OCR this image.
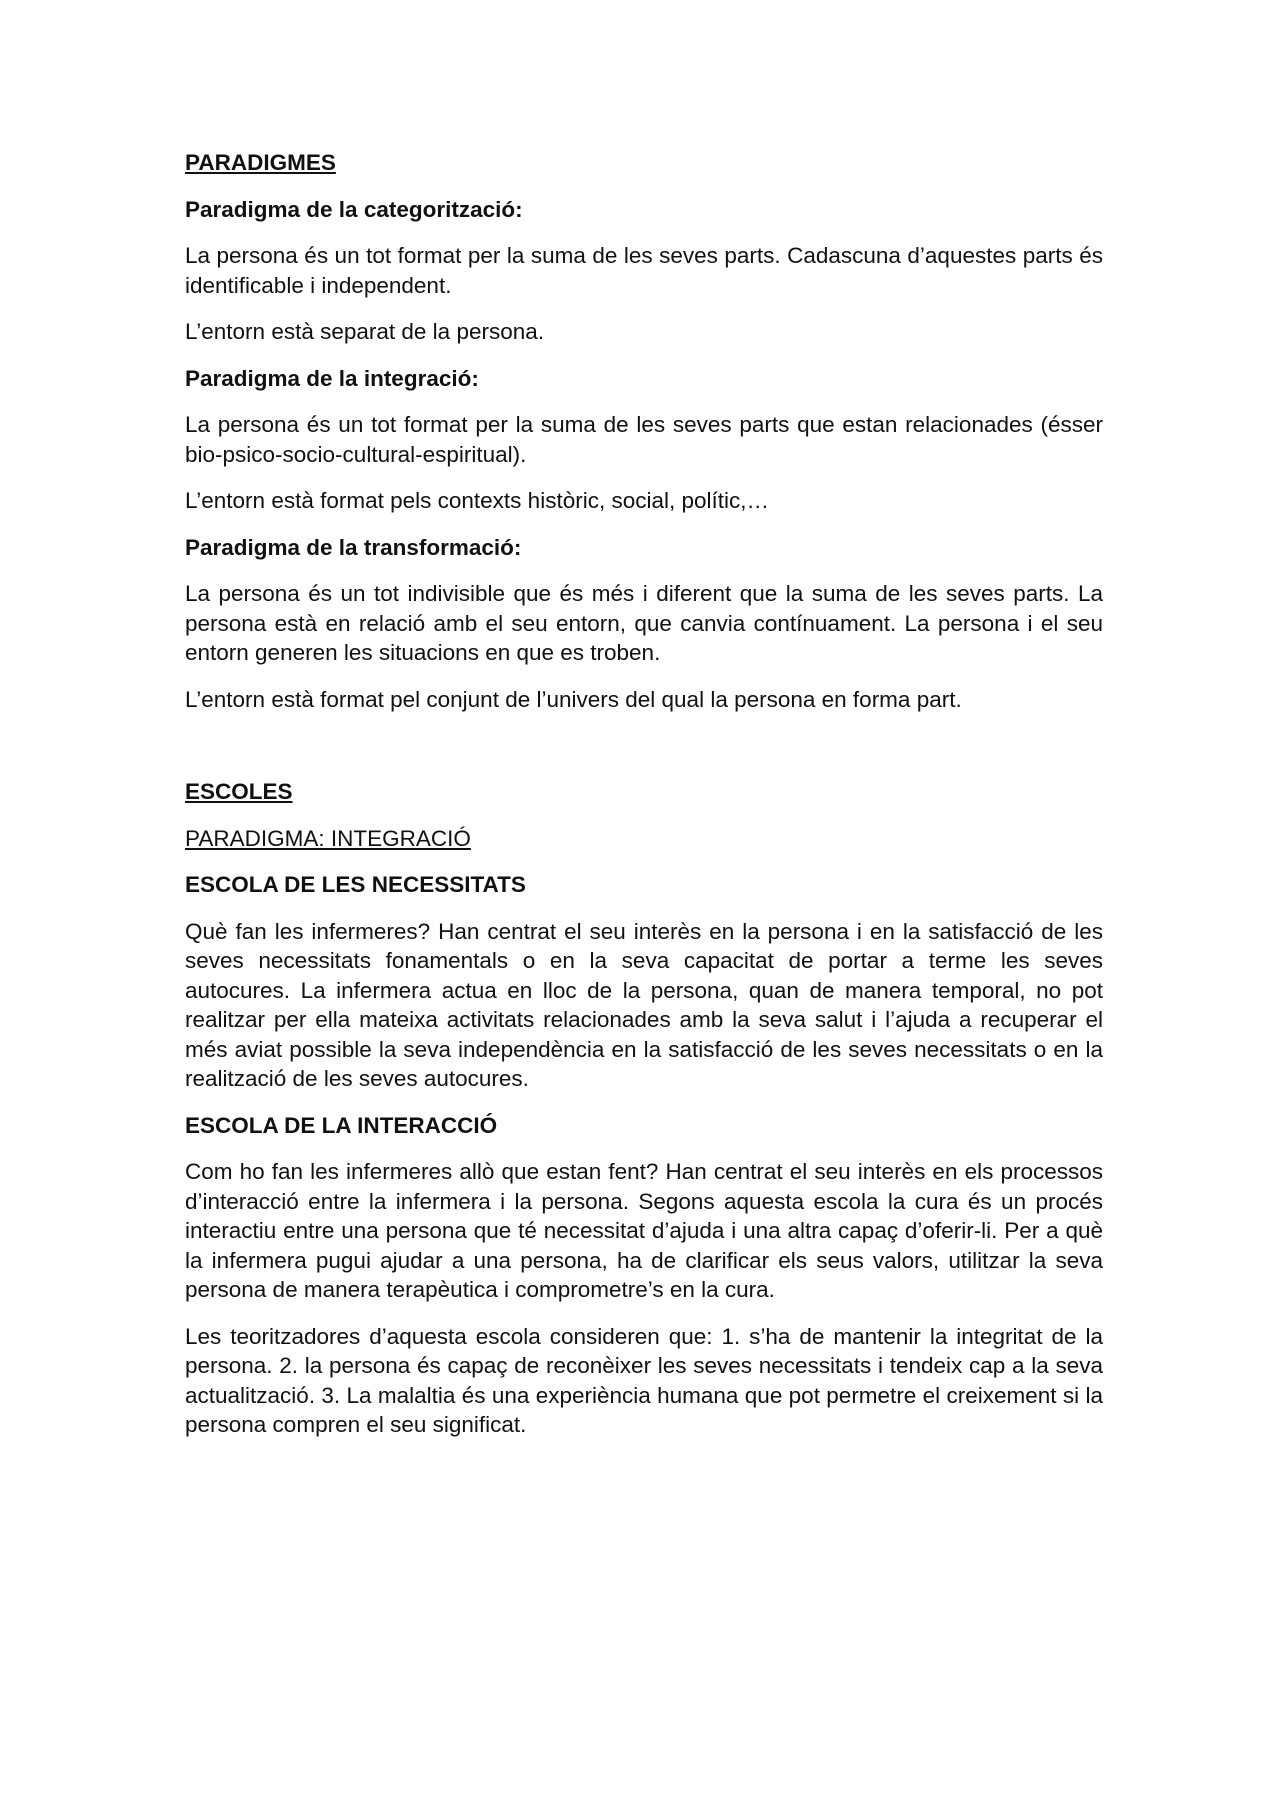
PARADIGMES
Paradigma de la categorització:

La persona és un tot format per la suma de les seves parts. Cadascuna d’aquestes parts és identificable i independent.

L’entorn està separat de la persona.

Paradigma de la integració:

La persona és un tot format per la suma de les seves parts que estan relacionades (ésser bio-psico-socio-cultural-espiritual).

L’entorn està format pels contexts històric, social, polític,…

Paradigma de la transformació:

La persona és un tot indivisible que és més i diferent que la suma de les seves parts. La persona està en relació amb el seu entorn, que canvia contínuament. La persona i el seu entorn generen les situacions en que es troben.

L’entorn està format pel conjunt de l’univers del qual la persona en forma part.

ESCOLES
PARADIGMA: INTEGRACIÓ
ESCOLA DE LES NECESSITATS

Què fan les infermeres? Han centrat el seu interès en la persona i en la satisfacció de les seves necessitats fonamentals o en la seva capacitat de portar a terme les seves autocures. La infermera actua en lloc de la persona, quan de manera temporal, no pot realitzar per ella mateixa activitats relacionades amb la seva salut i l’ajuda a recuperar el més aviat possible la seva independència en la satisfacció de les seves necessitats o en la realització de les seves autocures.

ESCOLA DE LA INTERACCIÓ

Com ho fan les infermeres allò que estan fent? Han centrat el seu interès en els processos d’interacció entre la infermera i la persona. Segons aquesta escola la cura és un procés interactiu entre una persona que té necessitat d’ajuda i una altra capaç d’oferir-li. Per a què la infermera pugui ajudar a una persona, ha de clarificar els seus valors, utilitzar la seva persona de manera terapèutica i comprometre’s en la cura.

Les teoritzadores d’aquesta escola consideren que: 1. s’ha de mantenir la integritat de la persona. 2. la persona és capaç de reconèixer les seves necessitats i tendeix cap a la seva actualització. 3. La malaltia és una experiència humana que pot permetre el creixement si la persona compren el seu significat.
